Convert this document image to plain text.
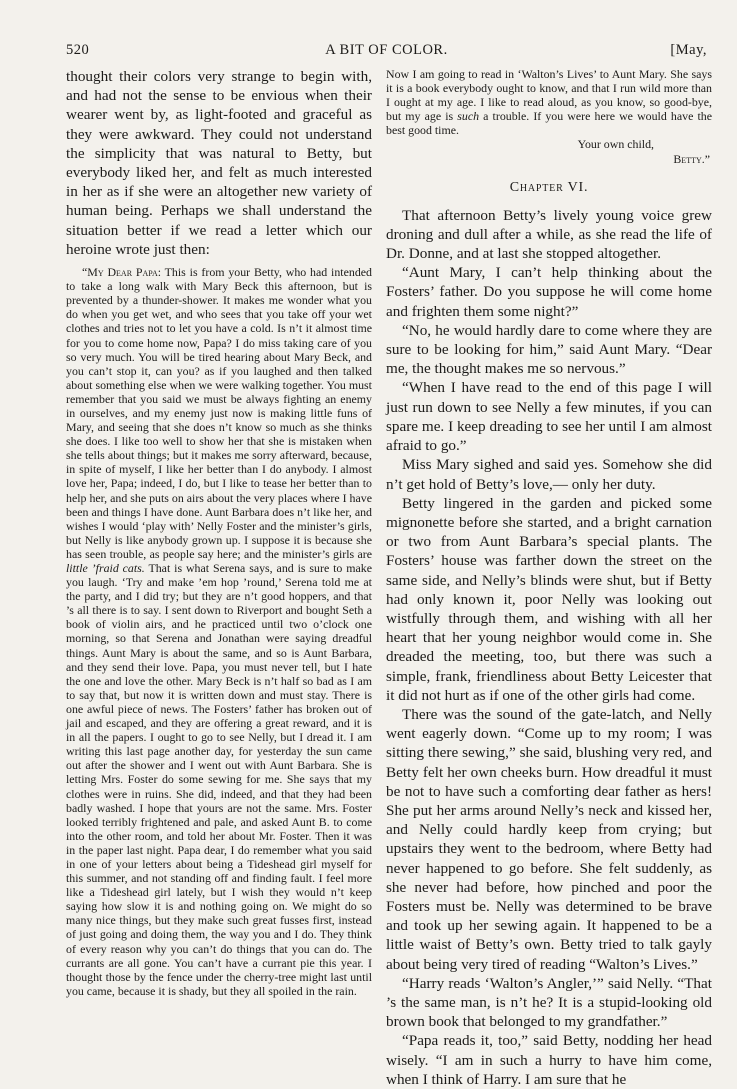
520	A BIT OF COLOR.	[May,

thought their colors very strange to begin with, and had not the sense to be envious when their wearer went by, as light-footed and graceful as they were awkward. They could not understand the simplicity that was natural to Betty, but everybody liked her, and felt as much interested in her as if she were an altogether new variety of human being. Perhaps we shall understand the situation better if we read a letter which our heroine wrote just then:

“My Dear Papa: This is from your Betty, who had intended to take a long walk with Mary Beck this afternoon, but is prevented by a thunder-shower. It makes me wonder what you do when you get wet, and who sees that you take off your wet clothes and tries not to let you have a cold. Is n’t it almost time for you to come home now, Papa? I do miss taking care of you so very much. You will be tired hearing about Mary Beck, and you can’t stop it, can you? as if you laughed and then talked about something else when we were walking together. You must remember that you said we must be always fighting an enemy in ourselves, and my enemy just now is making little funs of Mary, and seeing that she does n’t know so much as she thinks she does. I like too well to show her that she is mistaken when she tells about things; but it makes me sorry afterward, because, in spite of myself, I like her better than I do anybody. I almost love her, Papa; indeed, I do, but I like to tease her better than to help her, and she puts on airs about the very places where I have been and things I have done. Aunt Barbara does n’t like her, and wishes I would ‘play with’ Nelly Foster and the minister’s girls, but Nelly is like anybody grown up. I suppose it is because she has seen trouble, as people say here; and the minister’s girls are little ’fraid cats. That is what Serena says, and is sure to make you laugh. ‘Try and make ’em hop ’round,’ Serena told me at the party, and I did try; but they are n’t good hoppers, and that ’s all there is to say. I sent down to Riverport and bought Seth a book of violin airs, and he practiced until two o’clock one morning, so that Serena and Jonathan were saying dreadful things. Aunt Mary is about the same, and so is Aunt Barbara, and they send their love. Papa, you must never tell, but I hate the one and love the other. Mary Beck is n’t half so bad as I am to say that, but now it is written down and must stay. There is one awful piece of news. The Fosters’ father has broken out of jail and escaped, and they are offering a great reward, and it is in all the papers. I ought to go to see Nelly, but I dread it. I am writing this last page another day, for yesterday the sun came out after the shower and I went out with Aunt Barbara. She is letting Mrs. Foster do some sewing for me. She says that my clothes were in ruins. She did, indeed, and that they had been badly washed. I hope that yours are not the same. Mrs. Foster looked terribly frightened and pale, and asked Aunt B. to come into the other room, and told her about Mr. Foster. Then it was in the paper last night. Papa dear, I do remember what you said in one of your letters about being a Tideshead girl myself for this summer, and not standing off and finding fault. I feel more like a Tideshead girl lately, but I wish they would n’t keep saying how slow it is and nothing going on. We might do so many nice things, but they make such great fusses first, instead of just going and doing them, the way you and I do. They think of every reason why you can’t do things that you can do. The currants are all gone. You can’t have a currant pie this year. I thought those by the fence under the cherry-tree might last until you came, because it is shady, but they all spoiled in the rain.

Now I am going to read in ‘Walton’s Lives’ to Aunt Mary. She says it is a book everybody ought to know, and that I run wild more than I ought at my age. I like to read aloud, as you know, so good-bye, but my age is such a trouble. If you were here we would have the best good time.

Your own child,
Betty.”

Chapter VI.

That afternoon Betty’s lively young voice grew droning and dull after a while, as she read the life of Dr. Donne, and at last she stopped altogether.

“Aunt Mary, I can’t help thinking about the Fosters’ father. Do you suppose he will come home and frighten them some night?”

“No, he would hardly dare to come where they are sure to be looking for him,” said Aunt Mary. “Dear me, the thought makes me so nervous.”

“When I have read to the end of this page I will just run down to see Nelly a few minutes, if you can spare me. I keep dreading to see her until I am almost afraid to go.”

Miss Mary sighed and said yes. Somehow she did n’t get hold of Betty’s love,— only her duty.

Betty lingered in the garden and picked some mignonette before she started, and a bright carnation or two from Aunt Barbara’s special plants. The Fosters’ house was farther down the street on the same side, and Nelly’s blinds were shut, but if Betty had only known it, poor Nelly was looking out wistfully through them, and wishing with all her heart that her young neighbor would come in. She dreaded the meeting, too, but there was such a simple, frank, friendliness about Betty Leicester that it did not hurt as if one of the other girls had come.

There was the sound of the gate-latch, and Nelly went eagerly down. “Come up to my room; I was sitting there sewing,” she said, blushing very red, and Betty felt her own cheeks burn. How dreadful it must be not to have such a comforting dear father as hers! She put her arms around Nelly’s neck and kissed her, and Nelly could hardly keep from crying; but upstairs they went to the bedroom, where Betty had never happened to go before. She felt suddenly, as she never had before, how pinched and poor the Fosters must be. Nelly was determined to be brave and took up her sewing again. It happened to be a little waist of Betty’s own. Betty tried to talk gayly about being very tired of reading “Walton’s Lives.”

“Harry reads ‘Walton’s Angler,’” said Nelly. “That ’s the same man, is n’t he? It is a stupid-looking old brown book that belonged to my grandfather.”

“Papa reads it, too,” said Betty, nodding her head wisely. “I am in such a hurry to have him come, when I think of Harry. I am sure that he
